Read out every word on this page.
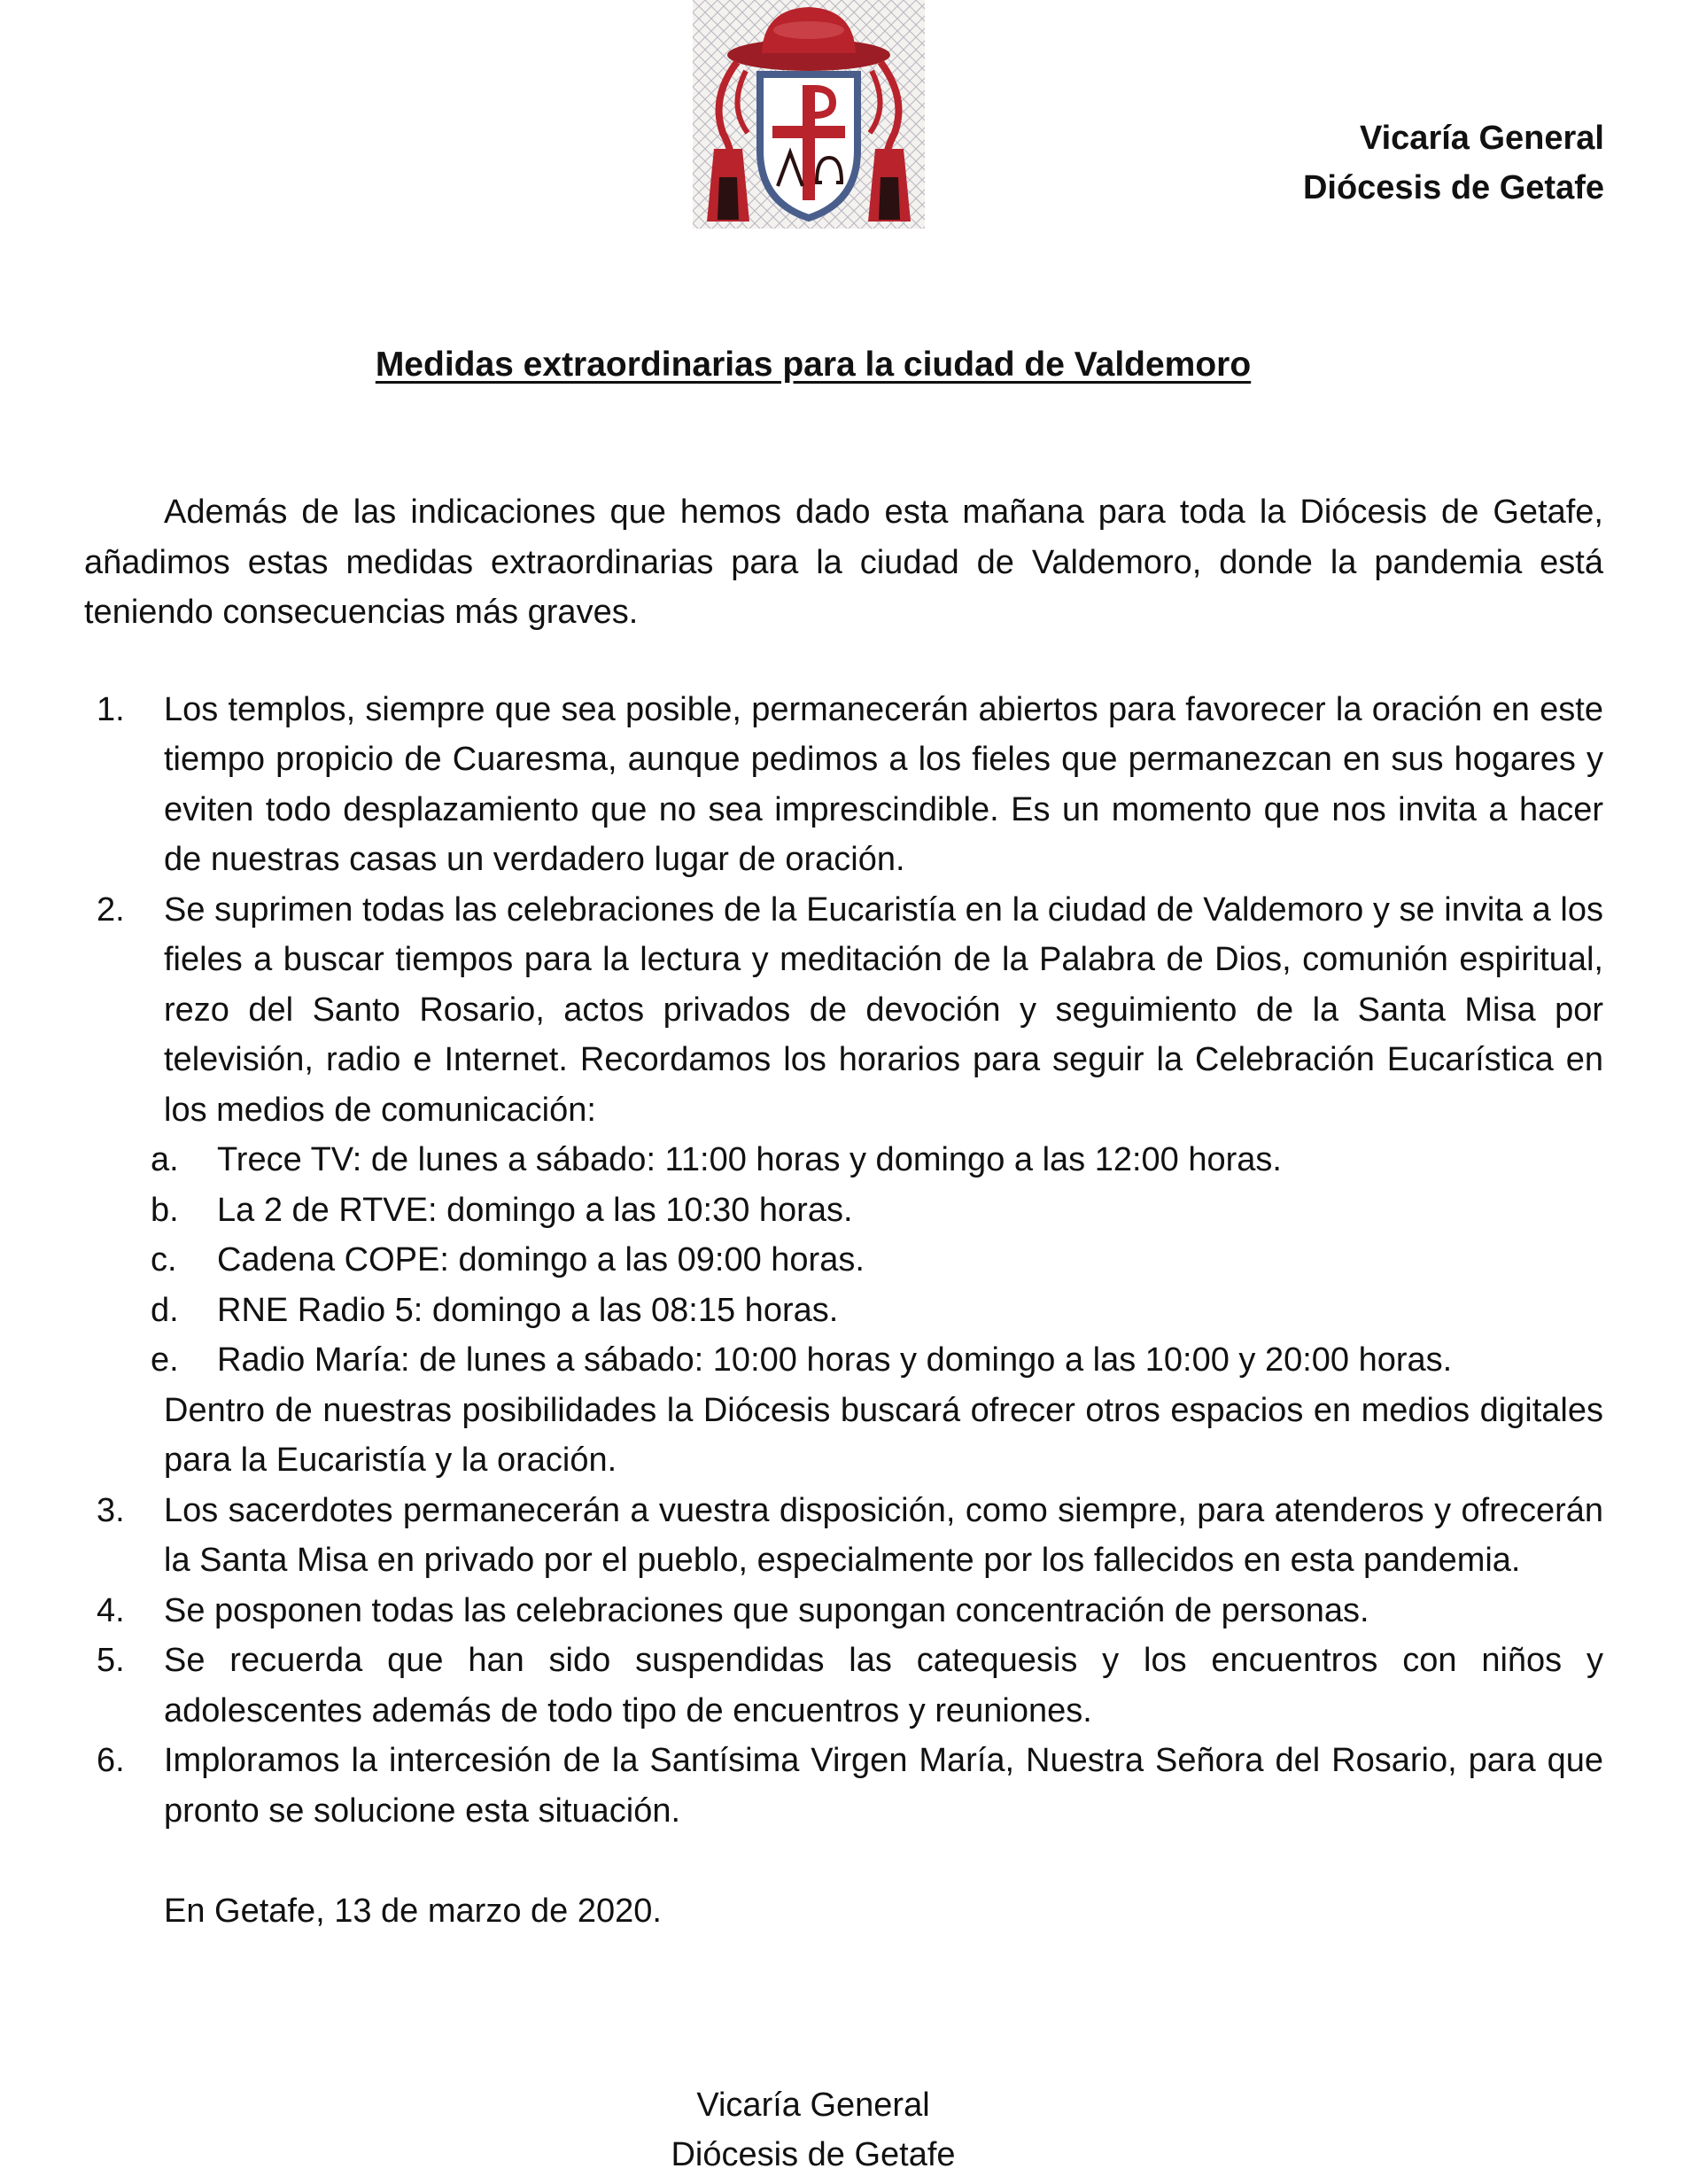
Vicaría General
Diócesis de Getafe
Medidas extraordinarias para la ciudad de Valdemoro

Además de las indicaciones que hemos dado esta mañana para toda la Diócesis de Getafe, añadimos estas medidas extraordinarias para la ciudad de Valdemoro, donde la pandemia está teniendo consecuencias más graves.

1. Los templos, siempre que sea posible, permanecerán abiertos para favorecer la oración en este tiempo propicio de Cuaresma, aunque pedimos a los fieles que permanezcan en sus hogares y eviten todo desplazamiento que no sea imprescindible. Es un momento que nos invita a hacer de nuestras casas un verdadero lugar de oración.

2. Se suprimen todas las celebraciones de la Eucaristía en la ciudad de Valdemoro y se invita a los fieles a buscar tiempos para la lectura y meditación de la Palabra de Dios, comunión espiritual, rezo del Santo Rosario, actos privados de devoción y seguimiento de la Santa Misa por televisión, radio e Internet. Recordamos los horarios para seguir la Celebración Eucarística en los medios de comunicación:

a. Trece TV: de lunes a sábado: 11:00 horas y domingo a las 12:00 horas.
b. La 2 de RTVE: domingo a las 10:30 horas.
c. Cadena COPE: domingo a las 09:00 horas.
d. RNE Radio 5: domingo a las 08:15 horas.
e. Radio María: de lunes a sábado: 10:00 horas y domingo a las 10:00 y 20:00 horas.

Dentro de nuestras posibilidades la Diócesis buscará ofrecer otros espacios en medios digitales para la Eucaristía y la oración.

3. Los sacerdotes permanecerán a vuestra disposición, como siempre, para atenderos y ofrecerán la Santa Misa en privado por el pueblo, especialmente por los fallecidos en esta pandemia.

4. Se posponen todas las celebraciones que supongan concentración de personas.

5. Se recuerda que han sido suspendidas las catequesis y los encuentros con niños y adolescentes además de todo tipo de encuentros y reuniones.

6. Imploramos la intercesión de la Santísima Virgen María, Nuestra Señora del Rosario, para que pronto se solucione esta situación.

En Getafe, 13 de marzo de 2020.

Vicaría General
Diócesis de Getafe
